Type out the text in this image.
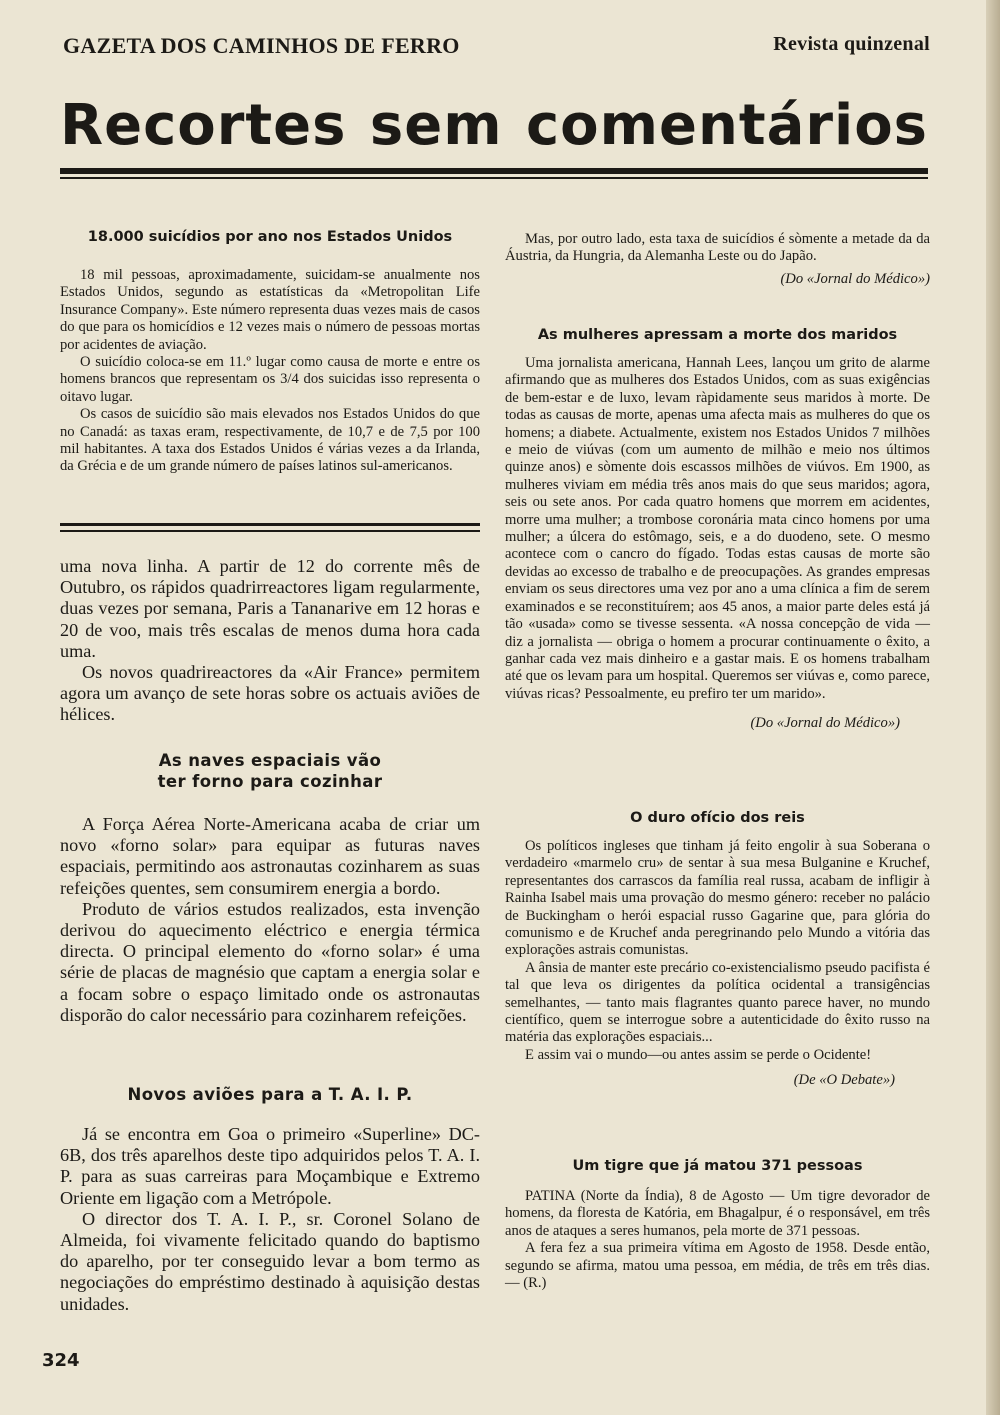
GAZETA DOS CAMINHOS DE FERRO	Revista quinzenal
Recortes sem comentários

18.000 suicídios por ano nos Estados Unidos

18 mil pessoas, aproximadamente, suicidam-se anualmente nos Estados Unidos, segundo as estatísticas da «Metropolitan Life Insurance Company». Este número representa duas vezes mais de casos do que para os homicídios e 12 vezes mais o número de pessoas mortas por acidentes de aviação.

O suicídio coloca-se em 11.º lugar como causa de morte e entre os homens brancos que representam os 3/4 dos suicidas isso representa o oitavo lugar.

Os casos de suicídio são mais elevados nos Estados Unidos do que no Canadá: as taxas eram, respectivamente, de 10,7 e de 7,5 por 100 mil habitantes. A taxa dos Estados Unidos é várias vezes a da Irlanda, da Grécia e de um grande número de países latinos sul-americanos.

uma nova linha. A partir de 12 do corrente mês de Outubro, os rápidos quadrirreactores ligam regularmente, duas vezes por semana, Paris a Tananarive em 12 horas e 20 de voo, mais três escalas de menos duma hora cada uma.

Os novos quadrireactores da «Air France» permitem agora um avanço de sete horas sobre os actuais aviões de hélices.

As naves espaciais vão

ter forno para cozinhar

A Força Aérea Norte-Americana acaba de criar um novo «forno solar» para equipar as futuras naves espaciais, permitindo aos astronautas cozinharem as suas refeições quentes, sem consumirem energia a bordo.

Produto de vários estudos realizados, esta invenção derivou do aquecimento eléctrico e energia térmica directa. O principal elemento do «forno solar» é uma série de placas de magnésio que captam a energia solar e a focam sobre o espaço limitado onde os astronautas disporão do calor necessário para cozinharem refeições.

Novos aviões para a T. A. I. P.

Já se encontra em Goa o primeiro «Superline» DC-6B, dos três aparelhos deste tipo adquiridos pelos T. A. I. P. para as suas carreiras para Moçambique e Extremo Oriente em ligação com a Metrópole.

O director dos T. A. I. P., sr. Coronel Solano de Almeida, foi vivamente felicitado quando do baptismo do aparelho, por ter conseguido levar a bom termo as negociações do empréstimo destinado à aquisição destas unidades.

Mas, por outro lado, esta taxa de suicídios é sòmente a metade da da Áustria, da Hungria, da Alemanha Leste ou do Japão.

(Do «Jornal do Médico»)

As mulheres apressam a morte dos maridos

Uma jornalista americana, Hannah Lees, lançou um grito de alarme afirmando que as mulheres dos Estados Unidos, com as suas exigências de bem-estar e de luxo, levam ràpidamente seus maridos à morte. De todas as causas de morte, apenas uma afecta mais as mulheres do que os homens; a diabete. Actualmente, existem nos Estados Unidos 7 milhões e meio de viúvas (com um aumento de milhão e meio nos últimos quinze anos) e sòmente dois escassos milhões de viúvos. Em 1900, as mulheres viviam em média três anos mais do que seus maridos; agora, seis ou sete anos. Por cada quatro homens que morrem em acidentes, morre uma mulher; a trombose coronária mata cinco homens por uma mulher; a úlcera do estômago, seis, e a do duodeno, sete. O mesmo acontece com o cancro do fígado. Todas estas causas de morte são devidas ao excesso de trabalho e de preocupações. As grandes empresas enviam os seus directores uma vez por ano a uma clínica a fim de serem examinados e se reconstituírem; aos 45 anos, a maior parte deles está já tão «usada» como se tivesse sessenta. «A nossa concepção de vida — diz a jornalista — obriga o homem a procurar continuamente o êxito, a ganhar cada vez mais dinheiro e a gastar mais. E os homens trabalham até que os levam para um hospital. Queremos ser viúvas e, como parece, viúvas ricas? Pessoalmente, eu prefiro ter um marido».

(Do «Jornal do Médico»)

O duro ofício dos reis

Os políticos ingleses que tinham já feito engolir à sua Soberana o verdadeiro «marmelo cru» de sentar à sua mesa Bulganine e Kruchef, representantes dos carrascos da família real russa, acabam de infligir à Rainha Isabel mais uma provação do mesmo género: receber no palácio de Buckingham o herói espacial russo Gagarine que, para glória do comunismo e de Kruchef anda peregrinando pelo Mundo a vitória das explorações astrais comunistas.

A ânsia de manter este precário co-existencialismo pseudo pacifista é tal que leva os dirigentes da política ocidental a transigências semelhantes, — tanto mais flagrantes quanto parece haver, no mundo científico, quem se interrogue sobre a autenticidade do êxito russo na matéria das explorações espaciais...

E assim vai o mundo—ou antes assim se perde o Ocidente!

(De «O Debate»)

Um tigre que já matou 371 pessoas

PATINA (Norte da Índia), 8 de Agosto — Um tigre devorador de homens, da floresta de Katória, em Bhagalpur, é o responsável, em três anos de ataques a seres humanos, pela morte de 371 pessoas.

A fera fez a sua primeira vítima em Agosto de 1958. Desde então, segundo se afirma, matou uma pessoa, em média, de três em três dias. — (R.)

324
